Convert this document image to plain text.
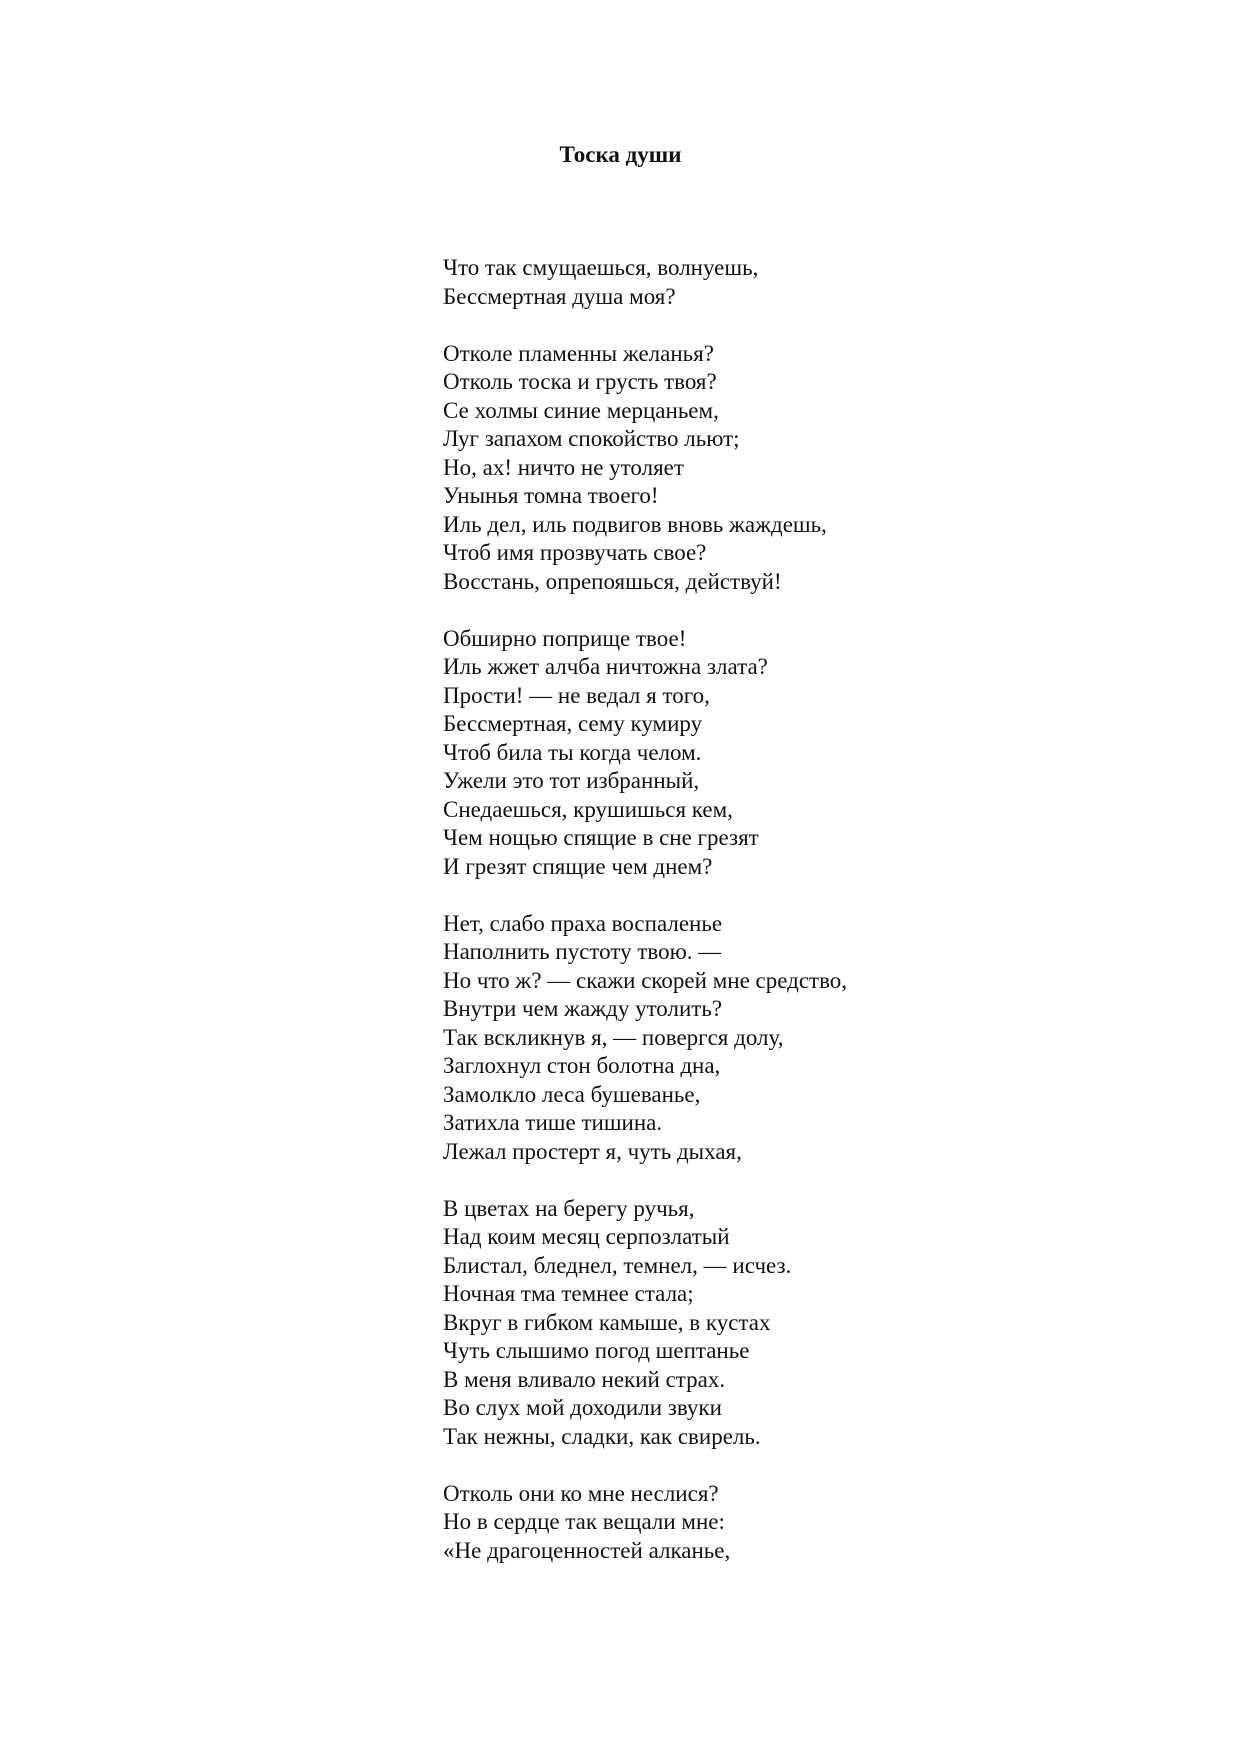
Тоска души
Что так смущаешься, волнуешь,
Бессмертная душа моя?
Отколе пламенны желанья?
Отколь тоска и грусть твоя?
Се холмы синие мерцаньем,
Луг запахом спокойство льют;
Но, ах! ничто не утоляет
Унынья томна твоего!
Иль дел, иль подвигов вновь жаждешь,
Чтоб имя прозвучать свое?
Восстань, опрепояшься, действуй!
Обширно поприще твое!
Иль жжет алчба ничтожна злата?
Прости! — не ведал я того,
Бессмертная, сему кумиру
Чтоб била ты когда челом.
Ужели это тот избранный,
Снедаешься, крушишься кем,
Чем нощью спящие в сне грезят
И грезят спящие чем днем?
Нет, слабо праха воспаленье
Наполнить пустоту твою. —
Но что ж? — скажи скорей мне средство,
Внутри чем жажду утолить?
Так вскликнув я, — повергся долу,
Заглохнул стон болотна дна,
Замолкло леса бушеванье,
Затихла тише тишина.
Лежал простерт я, чуть дыхая,
В цветах на берегу ручья,
Над коим месяц серпозлатый
Блистал, бледнел, темнел, — исчез.
Ночная тма темнее стала;
Вкруг в гибком камыше, в кустах
Чуть слышимо погод шептанье
В меня вливало некий страх.
Во слух мой доходили звуки
Так нежны, сладки, как свирель.
Отколь они ко мне неслися?
Но в сердце так вещали мне:
«Не драгоценностей алканье,
